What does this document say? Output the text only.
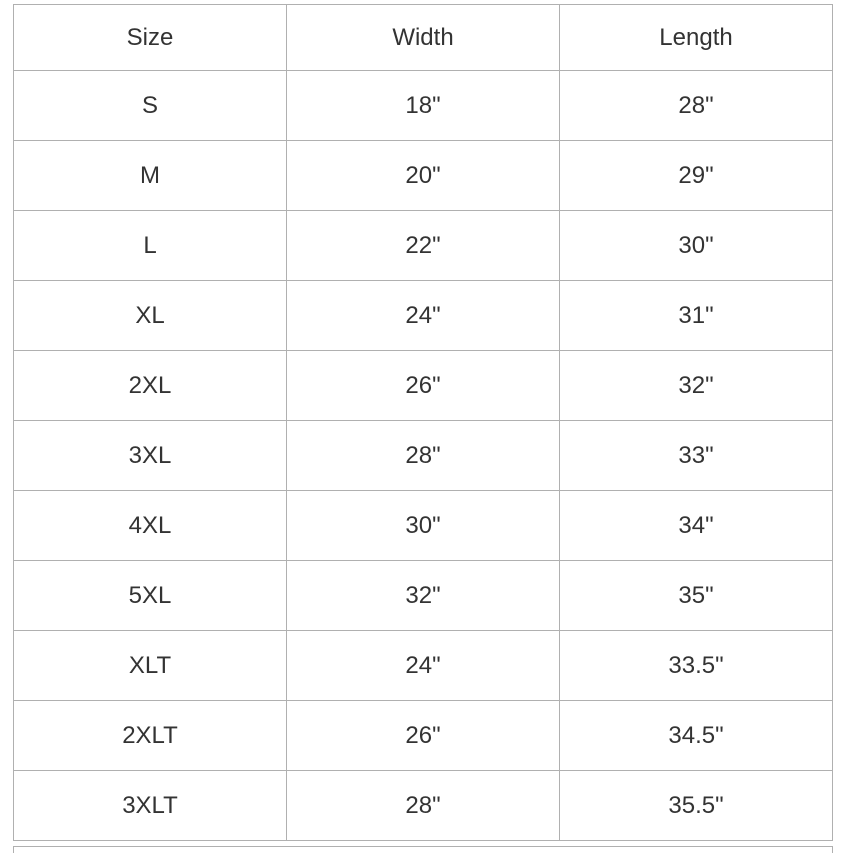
Size	Width	Length
S	18"	28"
M	20"	29"
L	22"	30"
XL	24"	31"
2XL	26"	32"
3XL	28"	33"
4XL	30"	34"
5XL	32"	35"
XLT	24"	33.5"
2XLT	26"	34.5"
3XLT	28"	35.5"
